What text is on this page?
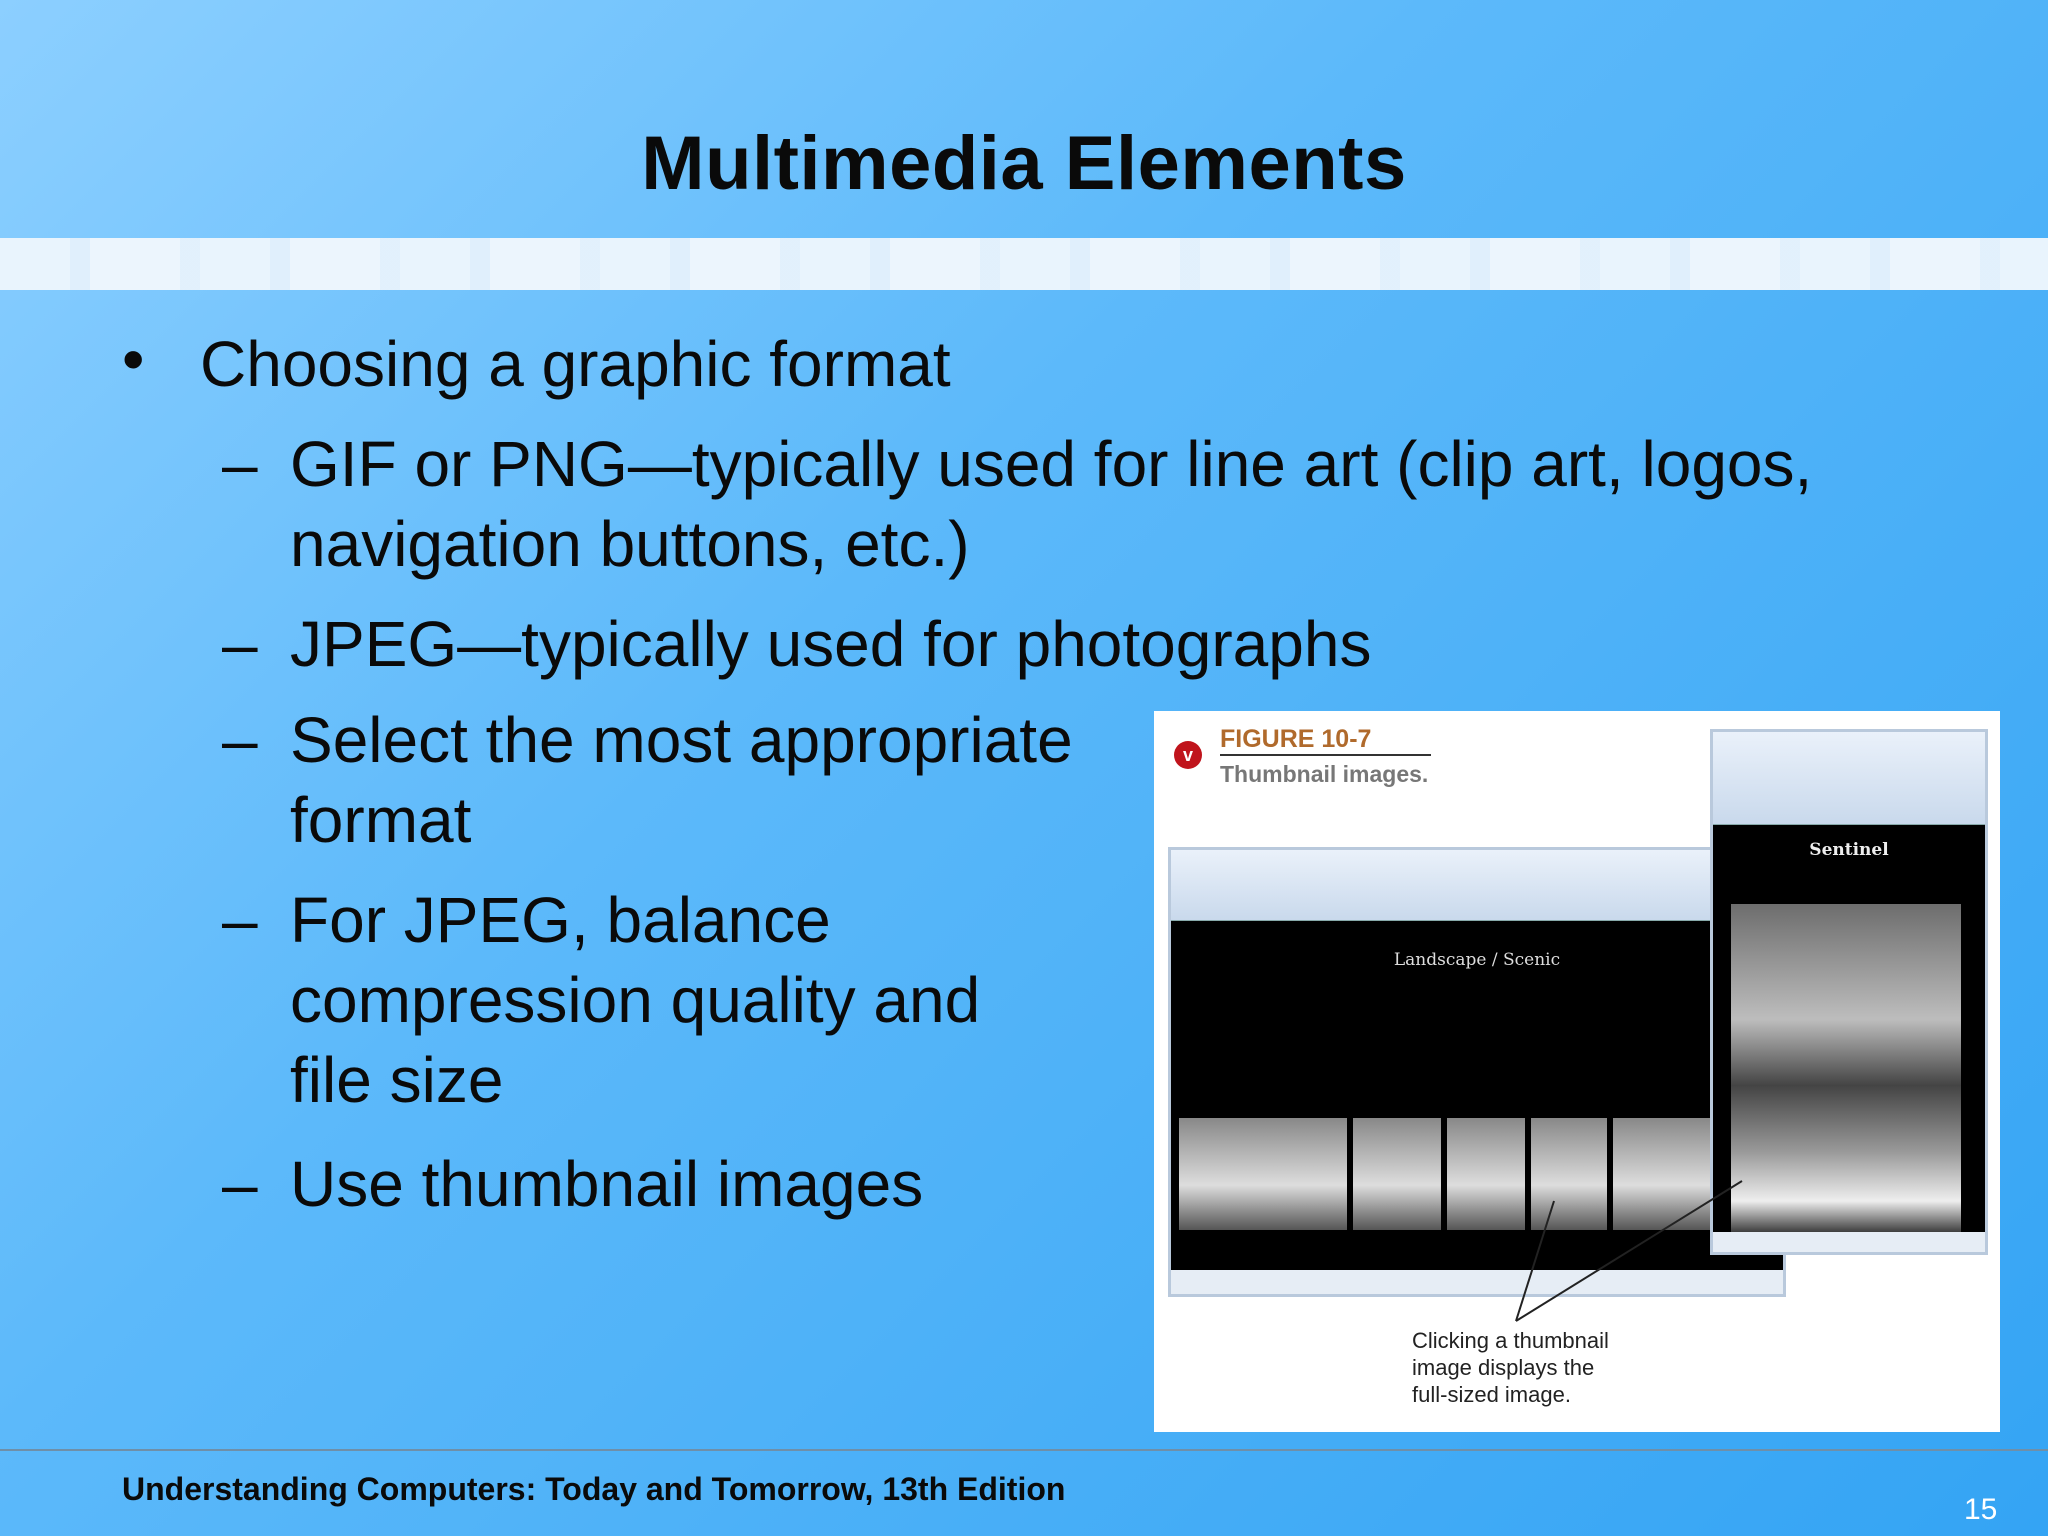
Multimedia Elements
• Choosing a graphic format
– GIF or PNG—typically used for line art (clip art, logos,
navigation buttons, etc.)
– JPEG—typically used for photographs
– Select the most appropriate
format
– For JPEG, balance
compression quality and
file size
– Use thumbnail images
v
FIGURE 10-7
Thumbnail images.
Landscape / Scenic
Sentinel
Clicking a thumbnail
image displays the
full-sized image.
Understanding Computers: Today and Tomorrow, 13th Edition
15
